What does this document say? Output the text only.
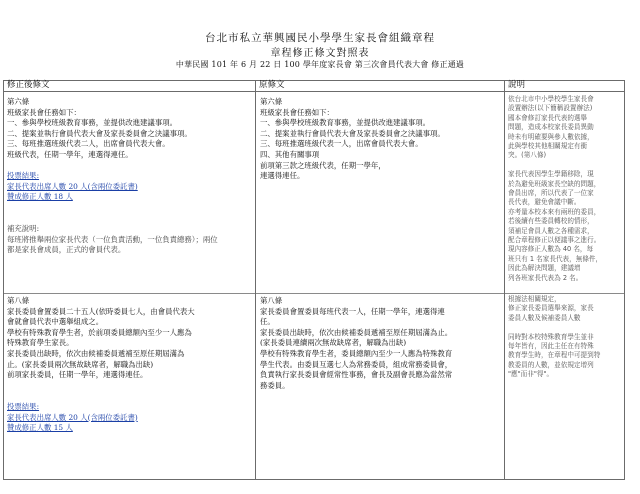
台北市私立華興國民小學學生家長會組織章程
章程修正條文對照表
中華民國 101 年 6 月 22 日 100 學年度家長會 第三次會員代表大會 修正通過
修正後條文	原條文	說明
第六條
班級家長會任務如下：
一、參與學校班級教育事務，並提供改進建議事項。
二、提案並執行會員代表大會及家長委員會之決議事項。
三、每班推選班級代表二人，出席會員代表大會。
班級代表，任期一學年，連選得連任。
投票結果:
家長代表出席人數 20 人(含兩位委託書)
贊成修正人數 18 人
補充說明:
每班將推舉兩位家長代表（一位負責活動，一位負責總務）；兩位
都是家長會成員，正式的會員代表。
第六條
班級家長會任務如下：
一、參與學校班級教育事務，並提供改進建議事項。
二、提案並執行會員代表大會及家長委員會之決議事項。
三、每班推選班級代表一人，出席會員代表大會。
四、其他有關事項
前項第三款之班級代表，任期一學年，
連選得連任。
依台北市中小學校學生家長會
設置辦法(以下簡稱設置辦法)
國本會修訂家長代表的選舉
問題，造成本校家長委員異動
時未有明確要與參人數依據，
此與學校其他相關規定有衝
突。(第八條)
家長代表因學生學籍移除，現
於為避免班級家長空缺的問題，
會員出席，所以代表了一位家
長代表，避免會議中斷。
亦考量本校本來有兩班的委員，
若後續有些委員轉校的情形，
須補足會員人數之各種需求，
配合章程修正以便議事之進行。
現內容修正人數為 40 名，每
班只有 1 名家長代表，無條件，
因此為解決問題，建議增
列各班家長代表為 2 名。
第八條
家長委員會置委員二十五人(依時委員七人，由會員代表大
會就會員代表中選舉組成之。
學校有特殊教育學生者，於前項委員總額內至少一人應為
特殊教育學生家長。
家長委員出缺時，依次由候補委員遞補至原任期屆滿為
止。(家長委員兩次無故缺席者，解職為出缺)
前項家長委員，任期一學年，連選得連任。
投票結果:
家長代表出席人數 20 人(含兩位委託書)
贊成修正人數 15 人
第八條
家長委員會置委員每班代表一人，任期一學年，連選得連
任。
家長委員出缺時，依次由候補委員遞補至原任期屆滿為止。
(家長委員連續兩次無故缺席者，解職為出缺)
學校有特殊教育學生者，委員總額內至少一人應為特殊教育
學生代表。由委員互選七人為常務委員，組成常務委員會，
負責執行家長委員會經常性事務，會長及副會長應為當然常
務委員。
根據法相關規定，
修正家長委員選舉來源，家長
委員人數及候補委員人數
同時對本校特殊教育學生並非
每年皆有，因此主任在有特殊
教育學生時，在章程中可提到特
教委員的人數，並依規定增列
"應"而非"得"。
